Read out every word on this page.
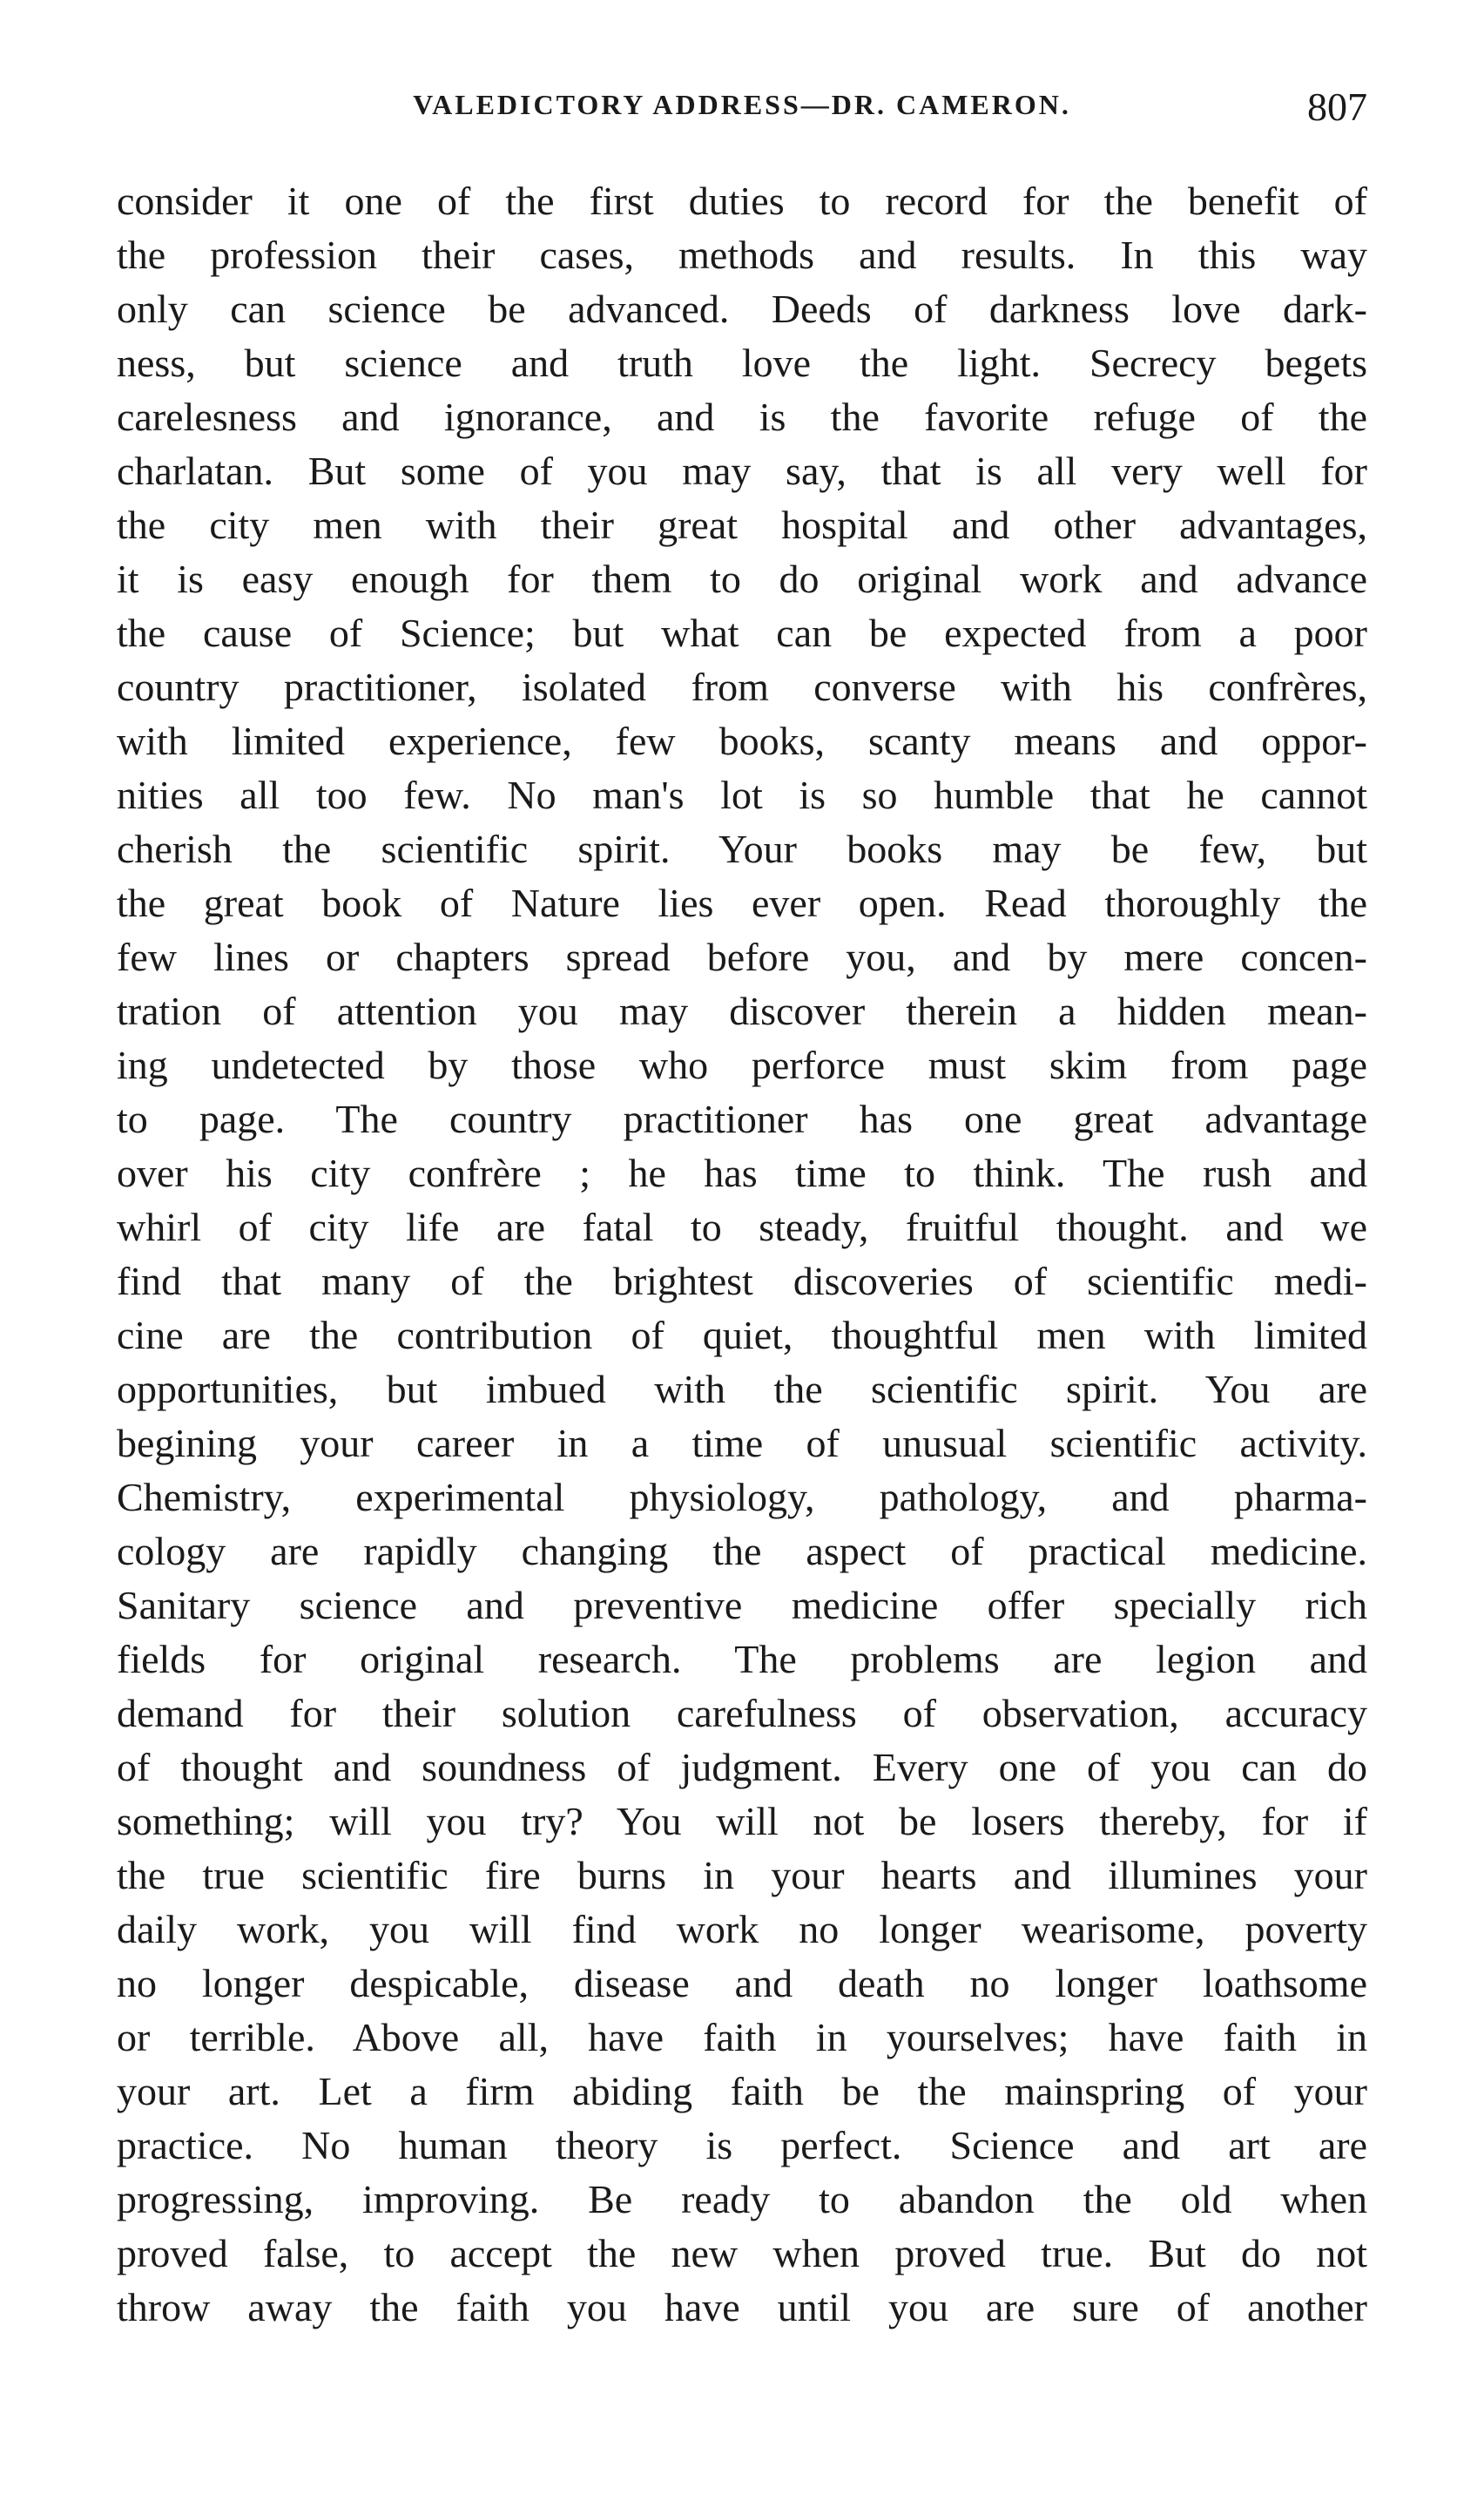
VALEDICTORY ADDRESS—DR. CAMERON.	807
consider it one of the first duties to record for the benefit of
the profession their cases, methods and results. In this way
only can science be advanced. Deeds of darkness love dark-
ness, but science and truth love the light. Secrecy begets
carelesness and ignorance, and is the favorite refuge of the
charlatan. But some of you may say, that is all very well for
the city men with their great hospital and other advantages,
it is easy enough for them to do original work and advance
the cause of Science; but what can be expected from a poor
country practitioner, isolated from converse with his confrères,
with limited experience, few books, scanty means and oppor-
nities all too few. No man's lot is so humble that he cannot
cherish the scientific spirit. Your books may be few, but
the great book of Nature lies ever open. Read thoroughly the
few lines or chapters spread before you, and by mere concen-
tration of attention you may discover therein a hidden mean-
ing undetected by those who perforce must skim from page
to page. The country practitioner has one great advantage
over his city confrère ; he has time to think. The rush and
whirl of city life are fatal to steady, fruitful thought. and we
find that many of the brightest discoveries of scientific medi-
cine are the contribution of quiet, thoughtful men with limited
opportunities, but imbued with the scientific spirit. You are
begining your career in a time of unusual scientific activity.
Chemistry, experimental physiology, pathology, and pharma-
cology are rapidly changing the aspect of practical medicine.
Sanitary science and preventive medicine offer specially rich
fields for original research. The problems are legion and
demand for their solution carefulness of observation, accuracy
of thought and soundness of judgment. Every one of you can do
something; will you try? You will not be losers thereby, for if
the true scientific fire burns in your hearts and illumines your
daily work, you will find work no longer wearisome, poverty
no longer despicable, disease and death no longer loathsome
or terrible. Above all, have faith in yourselves; have faith in
your art. Let a firm abiding faith be the mainspring of your
practice. No human theory is perfect. Science and art are
progressing, improving. Be ready to abandon the old when
proved false, to accept the new when proved true. But do not
throw away the faith you have until you are sure of another
